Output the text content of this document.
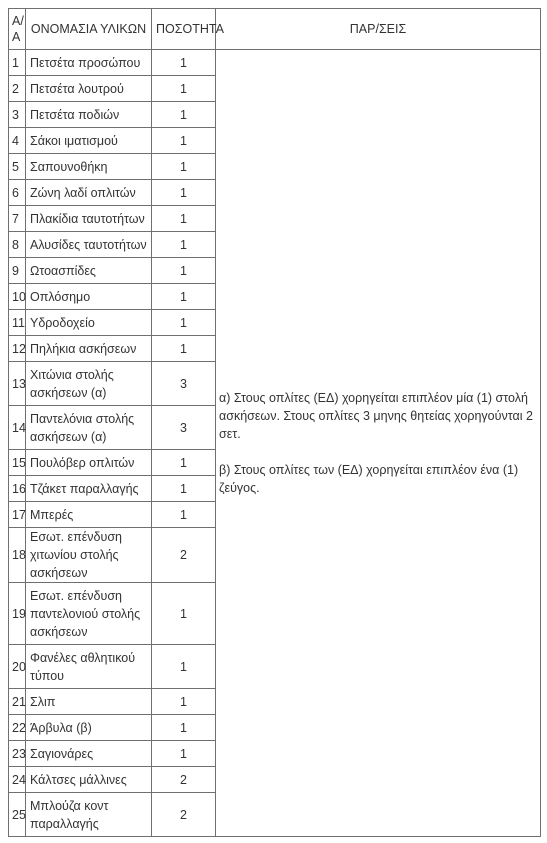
Α/
Α	ΟΝΟΜΑΣΙΑ ΥΛΙΚΩΝ	ΠΟΣΟΤΗΤΑ	ΠΑΡ/ΣΕΙΣ
1	Πετσέτα προσώπου	1	α) Στους οπλίτες (ΕΔ) χορηγείται επιπλέον μία (1) στολή ασκήσεων. Στους οπλίτες 3 μηνης θητείας χορηγούνται 2 σετ.

β) Στους οπλίτες των (ΕΔ) χορηγείται επιπλέον ένα (1) ζεύγος.

2	Πετσέτα λουτρού	1	
3	Πετσέτα ποδιών	1	
4	Σάκοι ιματισμού	1	
5	Σαπουνοθήκη	1	
6	Ζώνη λαδί οπλιτών	1	
7	Πλακίδια ταυτοτήτων	1	
8	Αλυσίδες ταυτοτήτων	1	
9	Ωτοασπίδες	1	
10	Οπλόσημο	1	
11	Υδροδοχείο	1	
12	Πηλήκια ασκήσεων	1	
13	Χιτώνια στολής ασκήσεων (α)	3	
14	Παντελόνια στολής ασκήσεων (α)	3	
15	Πουλόβερ οπλιτών	1	
16	Τζάκετ παραλλαγής	1	
17	Μπερές	1	
18	Εσωτ. επένδυση χιτωνίου στολής ασκήσεων	2	
19	Εσωτ. επένδυση παντελονιού στολής ασκήσεων	1	
20	Φανέλες αθλητικού τύπου	1	
21	Σλιπ	1	
22	Άρβυλα (β)	1	
23	Σαγιονάρες	1	
24	Κάλτσες μάλλινες	2	
25	Μπλούζα κοντ παραλλαγής	2	
